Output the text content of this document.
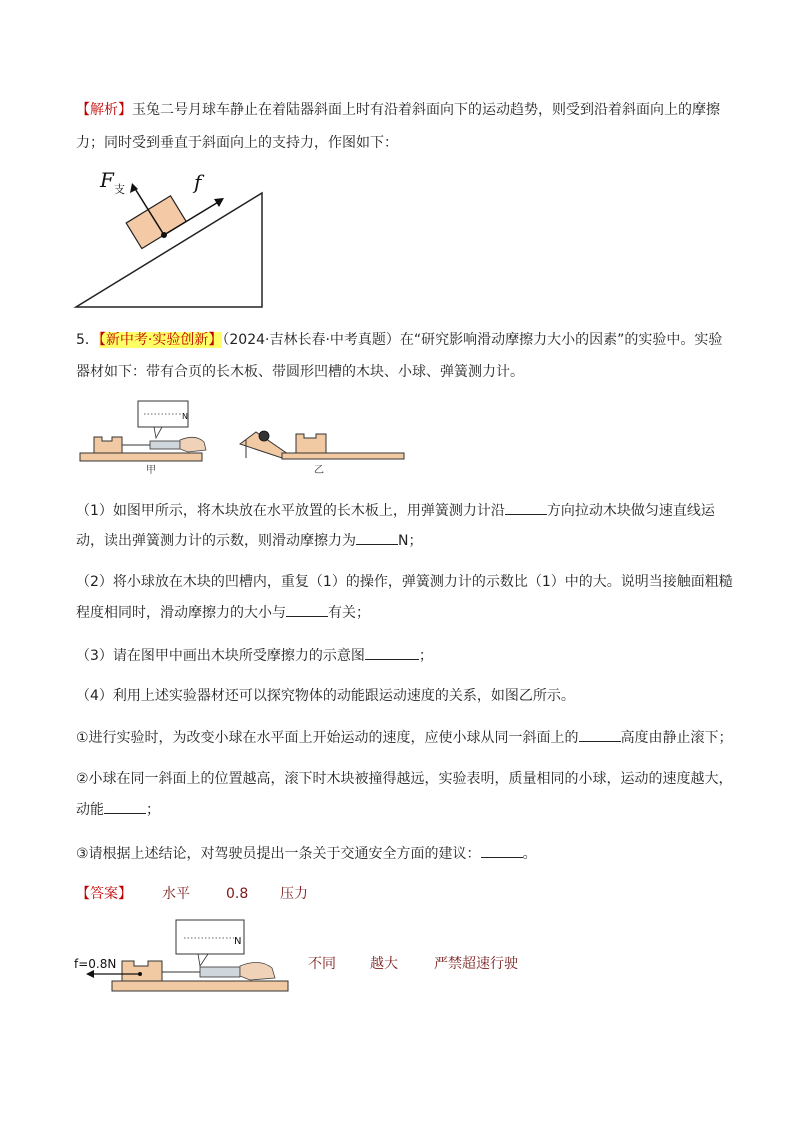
【解析】玉兔二号月球车静止在着陆器斜面上时有沿着斜面向下的运动趋势，则受到沿着斜面向上的摩擦
力；同时受到垂直于斜面向上的支持力，作图如下：
F 支	f
5．【新中考·实验创新】（2024·吉林长春·中考真题）在“研究影响滑动摩擦力大小的因素”的实验中。实验
器材如下：带有合页的长木板、带圆形凹槽的木块、小球、弹簧测力计。
N
甲	乙
（1）如图甲所示，将木块放在水平放置的长木板上，用弹簧测力计沿	方向拉动木块做匀速直线运
动，读出弹簧测力计的示数，则滑动摩擦力为	N；
（2）将小球放在木块的凹槽内，重复（1）的操作，弹簧测力计的示数比（1）中的大。说明当接触面粗糙
程度相同时，滑动摩擦力的大小与	有关；
（3）请在图甲中画出木块所受摩擦力的示意图	；
（4）利用上述实验器材还可以探究物体的动能跟运动速度的关系，如图乙所示。
①进行实验时，为改变小球在水平面上开始运动的速度，应使小球从同一斜面上的	高度由静止滚下；
②小球在同一斜面上的位置越高，滚下时木块被撞得越远，实验表明，质量相同的小球，运动的速度越大，
动能	；
③请根据上述结论，对驾驶员提出一条关于交通安全方面的建议：	。
【答案】 水平	0.8 压力
f=0.8N
N
不同 越大	严禁超速行驶
